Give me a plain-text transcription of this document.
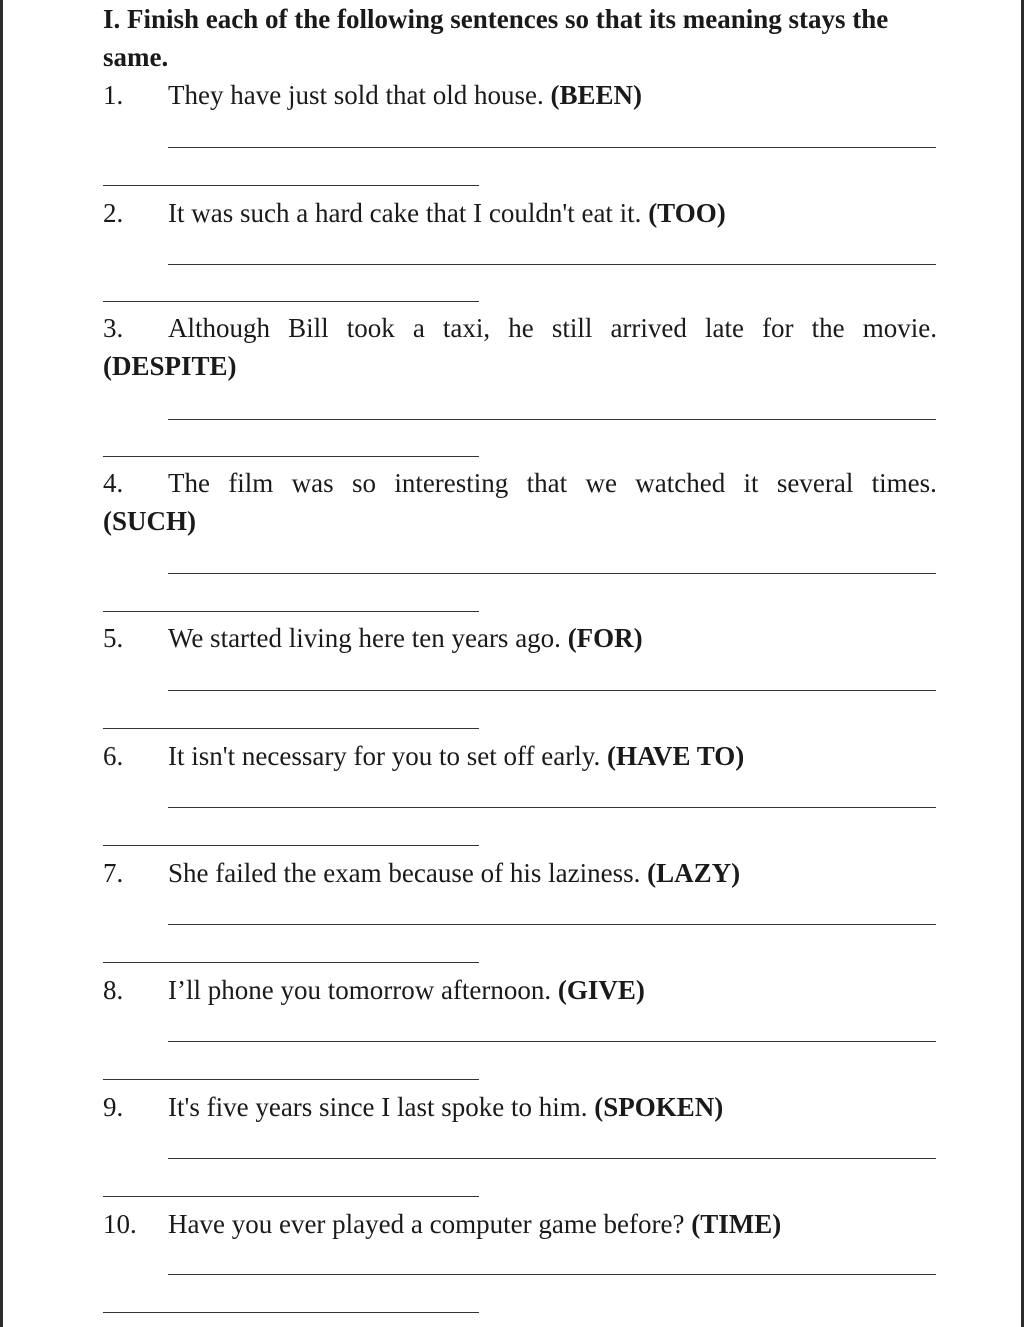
I. Finish each of the following sentences so that its meaning stays the same.
1. They have just sold that old house. (BEEN)
2. It was such a hard cake that I couldn't eat it. (TOO)
3.	Although Bill took a taxi, he still arrived late for the movie.
(DESPITE)
4.	The film was so interesting that we watched it several times.
(SUCH)
5. We started living here ten years ago. (FOR)
6. It isn't necessary for you to set off early. (HAVE TO)
7. She failed the exam because of his laziness. (LAZY)
8. I’ll phone you tomorrow afternoon. (GIVE)
9. It's five years since I last spoke to him. (SPOKEN)
10. Have you ever played a computer game before? (TIME)
